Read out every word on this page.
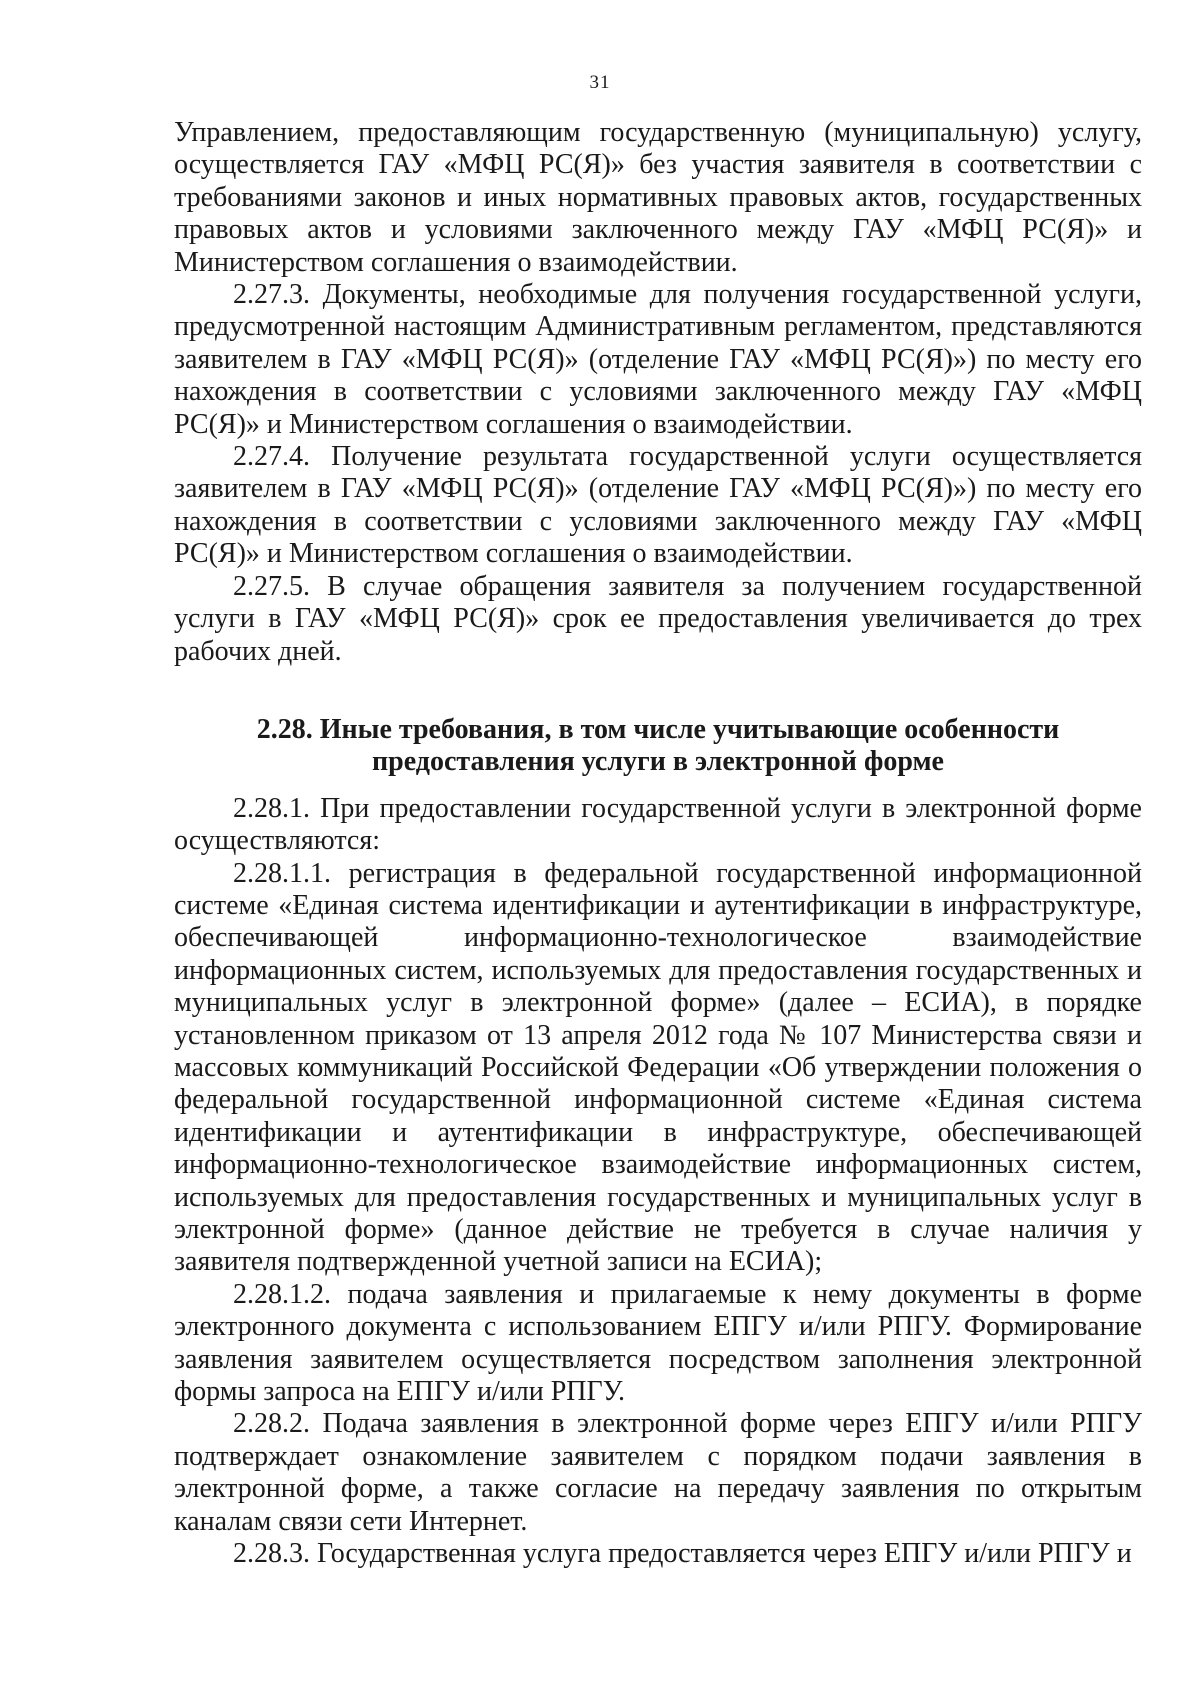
31

Управлением, предоставляющим государственную (муниципальную) услугу, осуществляется ГАУ «МФЦ РС(Я)» без участия заявителя в соответствии с требованиями законов и иных нормативных правовых актов, государственных правовых актов и условиями заключенного между ГАУ «МФЦ РС(Я)» и Министерством соглашения о взаимодействии.

2.27.3. Документы, необходимые для получения государственной услуги, предусмотренной настоящим Административным регламентом, представляются заявителем в ГАУ «МФЦ РС(Я)» (отделение ГАУ «МФЦ РС(Я)») по месту его нахождения в соответствии с условиями заключенного между ГАУ «МФЦ РС(Я)» и Министерством соглашения о взаимодействии.

2.27.4. Получение результата государственной услуги осуществляется заявителем в ГАУ «МФЦ РС(Я)» (отделение ГАУ «МФЦ РС(Я)») по месту его нахождения в соответствии с условиями заключенного между ГАУ «МФЦ РС(Я)» и Министерством соглашения о взаимодействии.

2.27.5. В случае обращения заявителя за получением государственной услуги в ГАУ «МФЦ РС(Я)» срок ее предоставления увеличивается до трех рабочих дней.

2.28. Иные требования, в том числе учитывающие особенности
предоставления услуги в электронной форме

2.28.1. При предоставлении государственной услуги в электронной форме осуществляются:

2.28.1.1. регистрация в федеральной государственной информационной системе «Единая система идентификации и аутентификации в инфраструктуре, обеспечивающей информационно-технологическое взаимодействие информационных систем, используемых для предоставления государственных и муниципальных услуг в электронной форме» (далее – ЕСИА), в порядке установленном приказом от 13 апреля 2012 года № 107 Министерства связи и массовых коммуникаций Российской Федерации «Об утверждении положения о федеральной государственной информационной системе «Единая система идентификации и аутентификации в инфраструктуре, обеспечивающей информационно-технологическое взаимодействие информационных систем, используемых для предоставления государственных и муниципальных услуг в электронной форме» (данное действие не требуется в случае наличия у заявителя подтвержденной учетной записи на ЕСИА);

2.28.1.2. подача заявления и прилагаемые к нему документы в форме электронного документа с использованием ЕПГУ и/или РПГУ. Формирование заявления заявителем осуществляется посредством заполнения электронной формы запроса на ЕПГУ и/или РПГУ.

2.28.2. Подача заявления в электронной форме через ЕПГУ и/или РПГУ подтверждает ознакомление заявителем с порядком подачи заявления в электронной форме, а также согласие на передачу заявления по открытым каналам связи сети Интернет.

2.28.3. Государственная услуга предоставляется через ЕПГУ и/или РПГУ и
